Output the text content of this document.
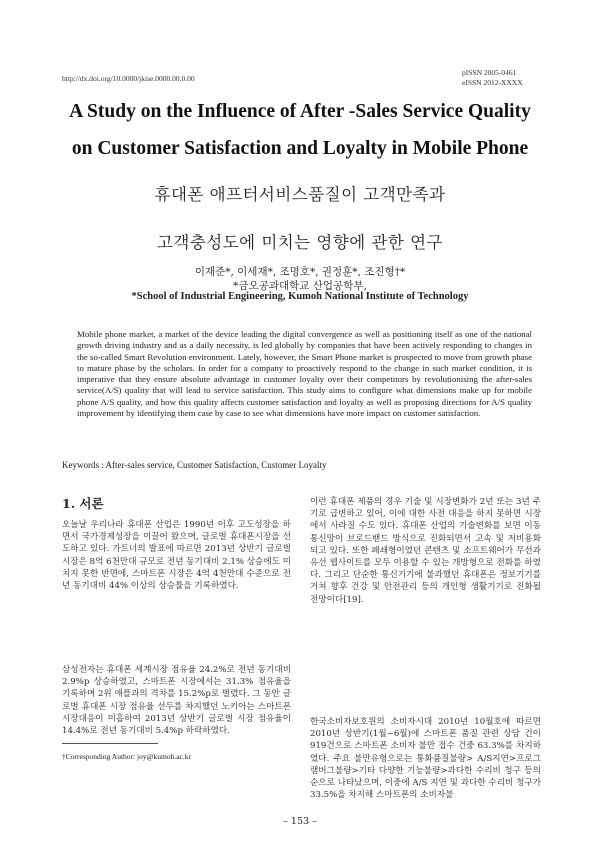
http://dx.doi.org/10.0000/jkise.0000.00.0.00
pISSN 2005-0461
eISSN 2012-XXXX
A Study on the Influence of After -Sales Service Quality
on Customer Satisfaction and Loyalty in Mobile Phone
휴대폰 애프터서비스품질이 고객만족과
고객충성도에 미치는 영향에 관한 연구
이재준*, 이세재*, 조명호*, 권정훈*, 조진형†*
*금오공과대학교 산업공학부,
*School of Industrial Engineering, Kumoh National Institute of Technology
Mobile phone market, a market of the device leading the digital convergence as well as positioning itself as one of the national growth driving industry and as a daily necessity, is led globally by companies that have been actively responding to changes in the so-called Smart Revolution environment. Lately, however, the Smart Phone market is prospected to move from growth phase to mature phase by the scholars. In order for a company to proactively respond to the change in such market condition, it is imperative that they ensure absolute advantage in customer loyalty over their competitors by revolutionising the after-sales service(A/S) quality that will lead to service satisfaction. This study aims to configure what dimensions make up for mobile phone A/S quality, and how this quality affects customer satisfaction and loyalty as well as proposing directions for A/S quality improvement by identifying them case by case to see what dimensions have more impact on customer satisfaction.
Keywords : After-sales service, Customer Satisfaction, Customer Loyalty
1. 서론
오늘날 우리나라 휴대폰 산업은 1990년 이후 고도성장을 하면서 국가경제성장을 이끌어 왔으며, 글로벌 휴대폰시장을 선도하고 있다. 가트너의 발표에 따르면 2013년 상반기 글로벌시장은 8억 6천만대 규모로 전년 동기대비 2.1% 상승에도 미치지 못한 반면에, 스마트폰 시장은 4억 4천만대 수준으로 전년 동기대비 44% 이상의 상승률을 기록하였다.
삼성전자는 휴대폰 세계시장 점유율 24.2%로 전년 동기대비 2.9%p 상승하였고, 스마트폰 시장에서는 31.3% 점유율을 기록하며 2위 애플과의 격차를 15.2%p로 벌렸다. 그 동안 글로벌 휴대폰 시장 점유율 선두를 차지했던 노키아는 스마트폰 시장대응이 미흡하여 2013년 상반기 글로벌 시장 점유율이 14.4%로 전년 동기대비 5.4%p 하락하였다.
이런 휴대폰 제품의 경우 기술 및 시장변화가 2년 또는 3년 주기로 급변하고 있어, 이에 대한 사전 대응을 하지 못하면 시장에서 사라질 수도 있다. 휴대폰 산업의 기술변화를 보면 이동통신망이 브로드밴드 방식으로 진화되면서 고속 및 저비용화되고 있다. 또한 폐쇄형이였던 콘텐츠 및 소프트웨어가 무선과 유선 웹사이트를 모두 이용할 수 있는 개방형으로 전화를 하였다. 그리고 단순한 통신기기에 불과했던 휴대폰은 정보기기를 거쳐 향후 건강 및 안전관리 등의 개인형 생활기기로 진화될 전망이다[19].
한국소비자보호원의 소비자시대 2010년 10월호에 따르면 2010년 상반기(1월~6월)에 스마트폰 품질 관련 상담 건이 919건으로 스마트폰 소비자 불만 접수 건중 63.3%를 차지하였다. 주요 불만유형으로는 통화품질불량> A/S지연>프로그램버그불량>기타 다양한 기능불량>과다한 수리비 청구 등의 순으로 나타났으며, 이중에 A/S 지연 및 과다한 수리비 청구가 33.5%을 차지해 스마트폰의 소비자불
†Corresponding Author: joy@kumoh.ac.kr
– 153 –
